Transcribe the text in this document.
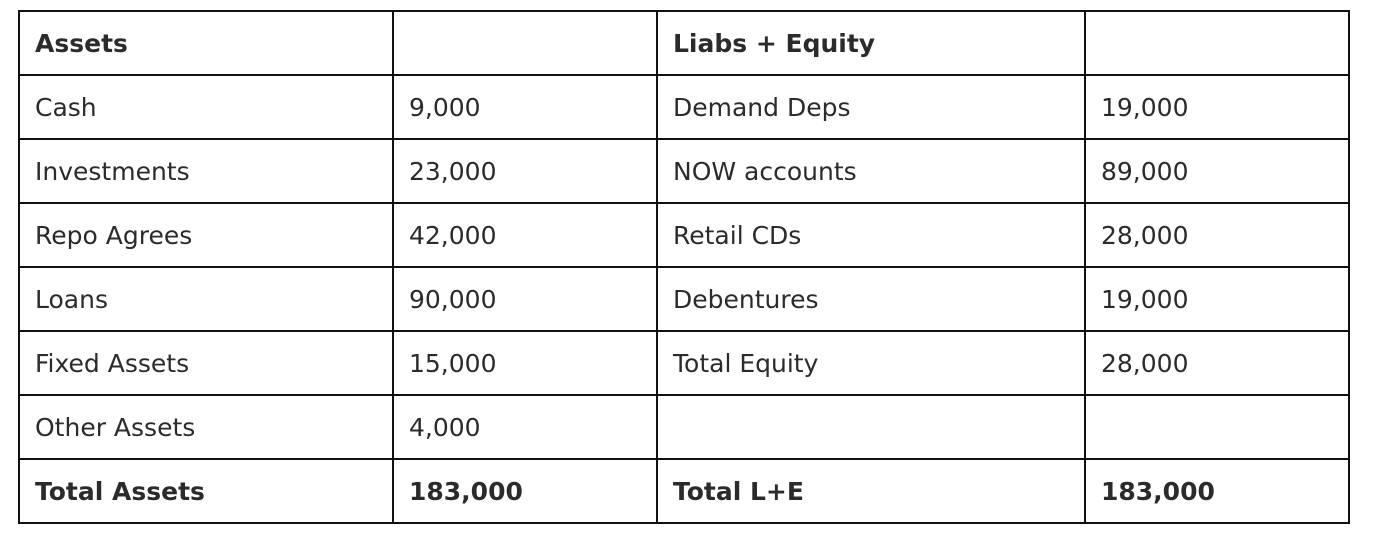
Assets		Liabs + Equity	
Cash	9,000	Demand Deps	19,000
Investments	23,000	NOW accounts	89,000
Repo Agrees	42,000	Retail CDs	28,000
Loans	90,000	Debentures	19,000
Fixed Assets	15,000	Total Equity	28,000
Other Assets	4,000		
Total Assets	183,000	Total L+E	183,000
